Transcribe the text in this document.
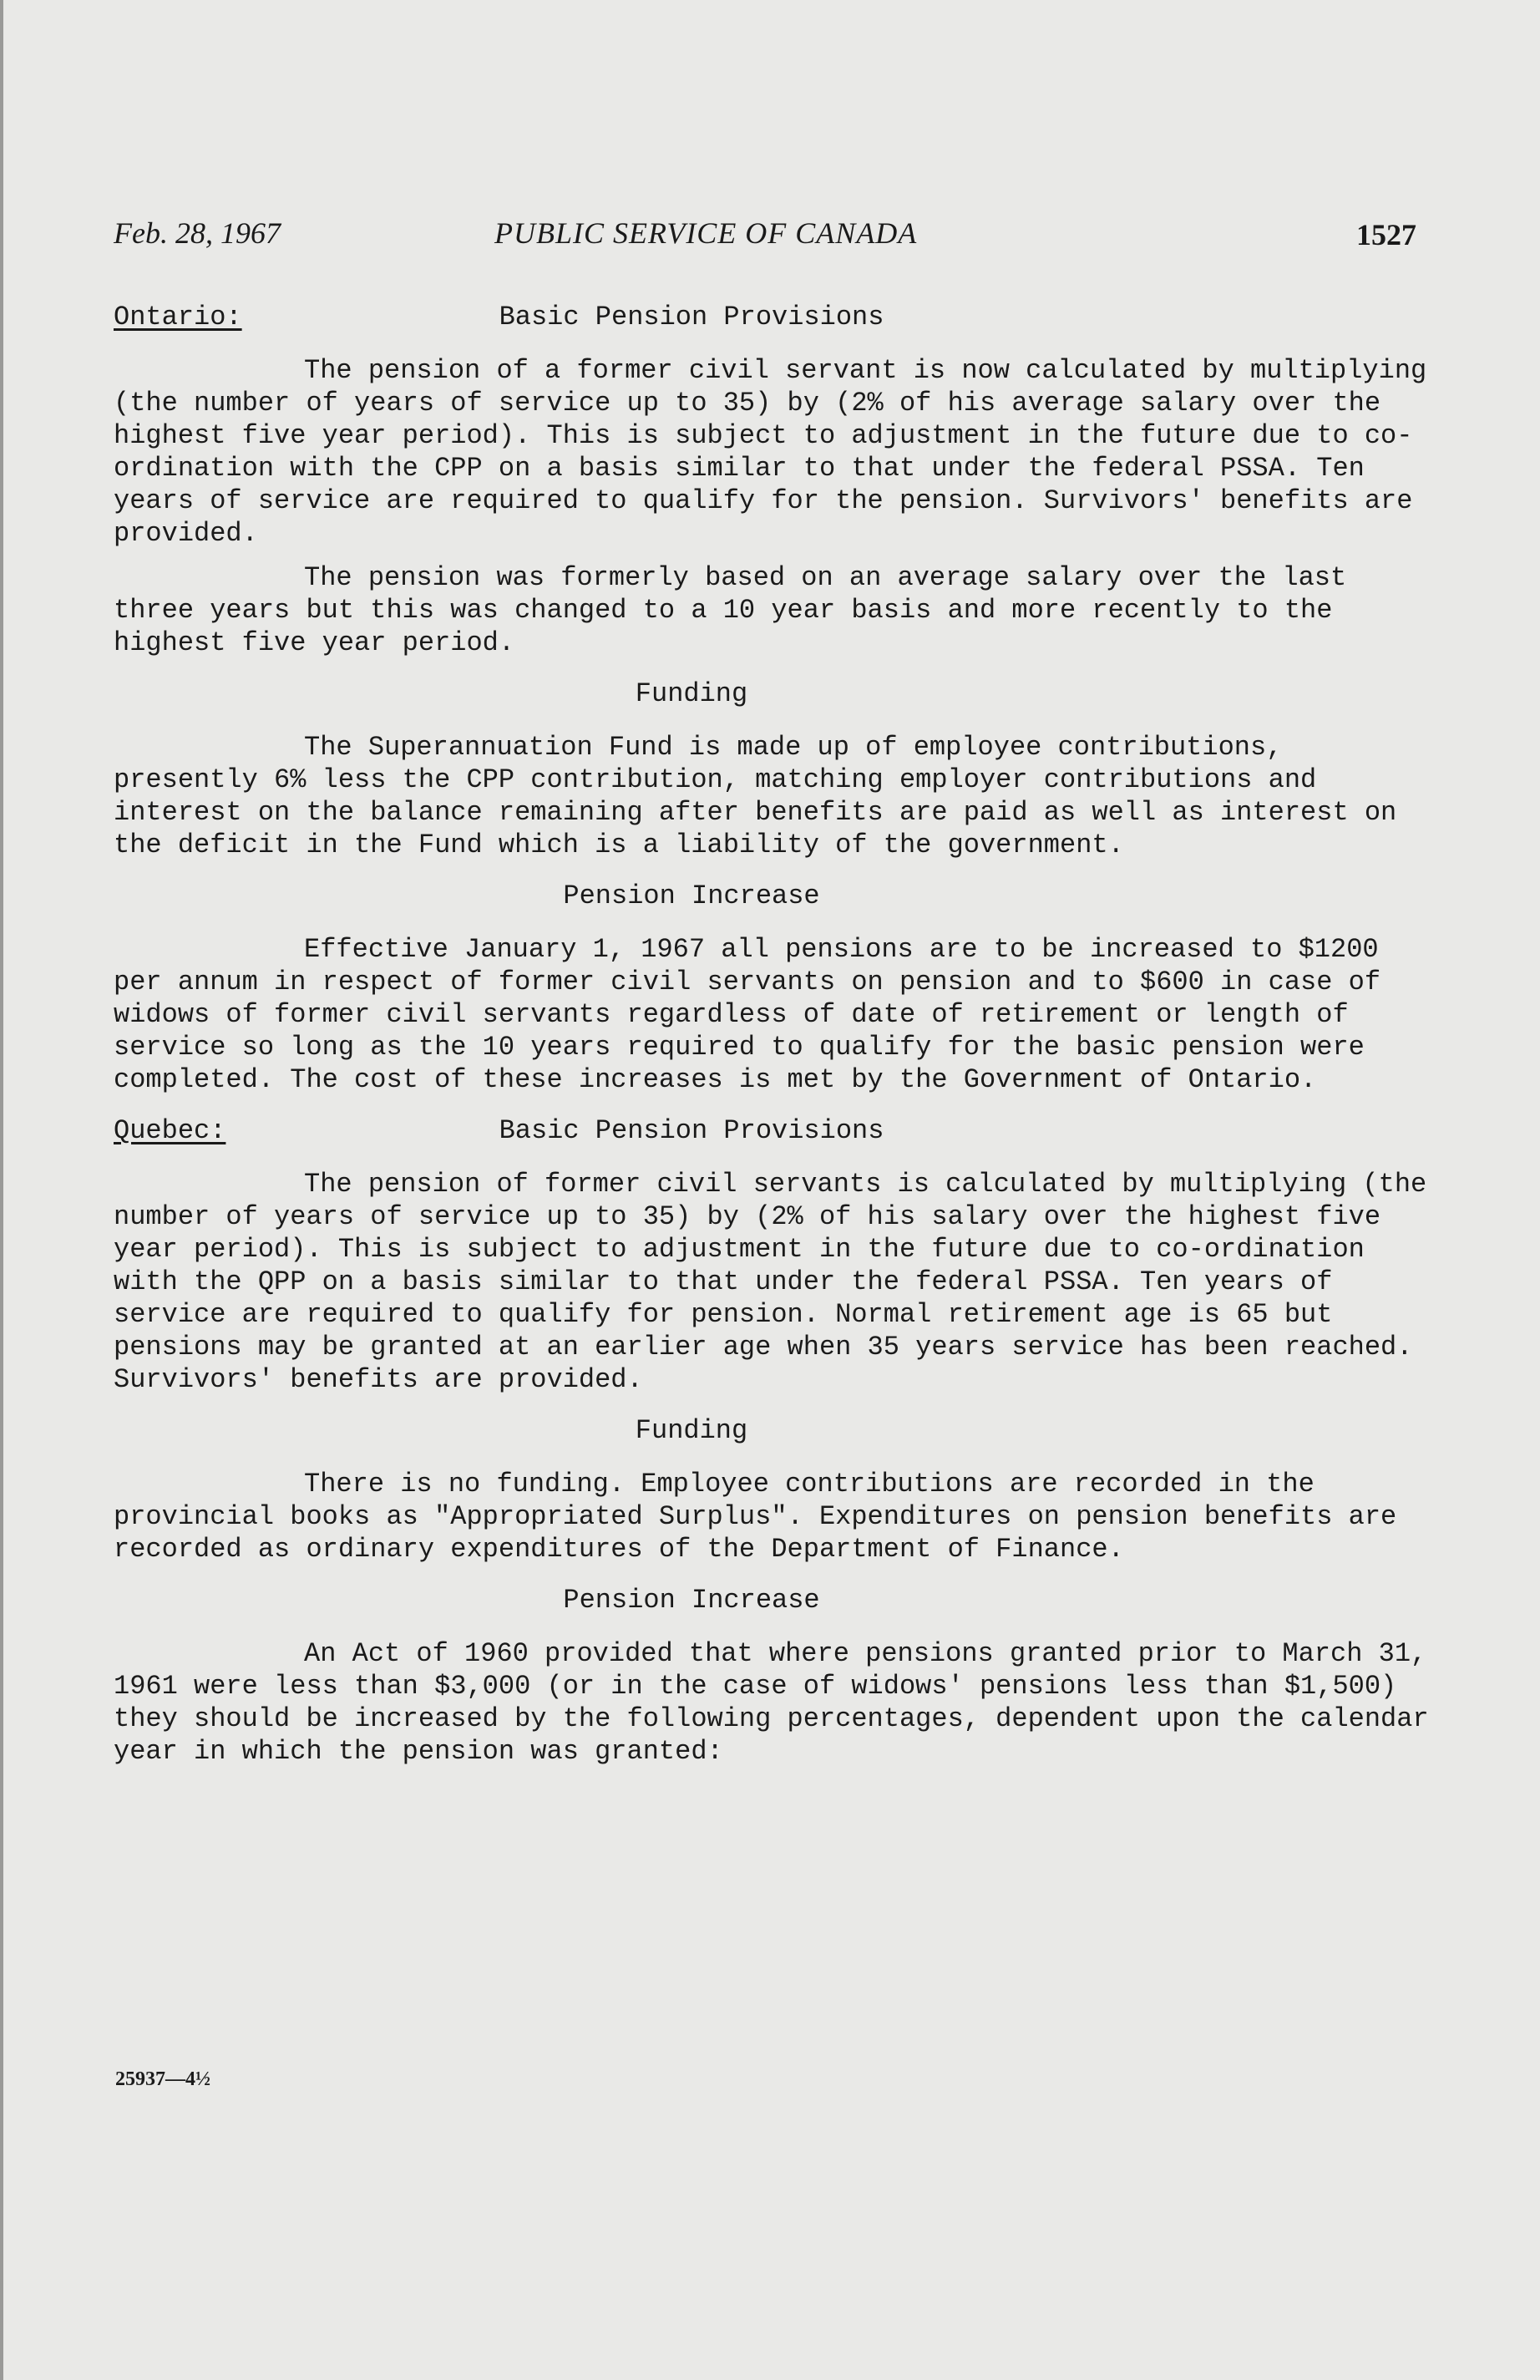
Feb. 28, 1967	PUBLIC SERVICE OF CANADA	1527
Ontario:	Basic Pension Provisions

The pension of a former civil servant is now calculated by multiplying (the number of years of service up to 35) by (2% of his average salary over the highest five year period). This is subject to adjustment in the future due to co-ordination with the CPP on a basis similar to that under the federal PSSA. Ten years of service are required to qualify for the pension. Survivors' benefits are provided.

The pension was formerly based on an average salary over the last three years but this was changed to a 10 year basis and more recently to the highest five year period.

Funding

The Superannuation Fund is made up of employee contributions, presently 6% less the CPP contribution, matching employer contributions and interest on the balance remaining after benefits are paid as well as interest on the deficit in the Fund which is a liability of the government.

Pension Increase

Effective January 1, 1967 all pensions are to be increased to $1200 per annum in respect of former civil servants on pension and to $600 in case of widows of former civil servants regardless of date of retirement or length of service so long as the 10 years required to qualify for the basic pension were completed. The cost of these increases is met by the Government of Ontario.

Quebec:	Basic Pension Provisions

The pension of former civil servants is calculated by multiplying (the number of years of service up to 35) by (2% of his salary over the highest five year period). This is subject to adjustment in the future due to co-ordination with the QPP on a basis similar to that under the federal PSSA. Ten years of service are required to qualify for pension. Normal retirement age is 65 but pensions may be granted at an earlier age when 35 years service has been reached. Survivors' benefits are provided.

Funding

There is no funding. Employee contributions are recorded in the provincial books as "Appropriated Surplus". Expenditures on pension benefits are recorded as ordinary expenditures of the Department of Finance.

Pension Increase

An Act of 1960 provided that where pensions granted prior to March 31, 1961 were less than $3,000 (or in the case of widows' pensions less than $1,500) they should be increased by the following percentages, dependent upon the calendar year in which the pension was granted:

25937—4½
